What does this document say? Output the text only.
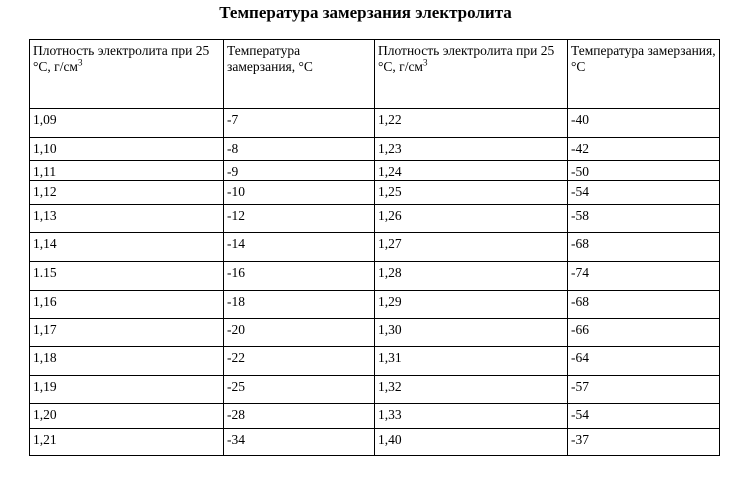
Температура замерзания электролита
Плотность электролита при 25 °С, $г/см^3$	Температура замерзания, °С	Плотность электролита при 25 °С, $г/см^3$	Температура замерзания, °С
1,09	-7	1,22	-40
1,10	-8	1,23	-42
1,11	-9	1,24	-50
1,12	-10	1,25	-54
1,13	-12	1,26	-58
1,14	-14	1,27	-68
1.15	-16	1,28	-74
1,16	-18	1,29	-68
1,17	-20	1,30	-66
1,18	-22	1,31	-64
1,19	-25	1,32	-57
1,20	-28	1,33	-54
1,21	-34	1,40	-37
